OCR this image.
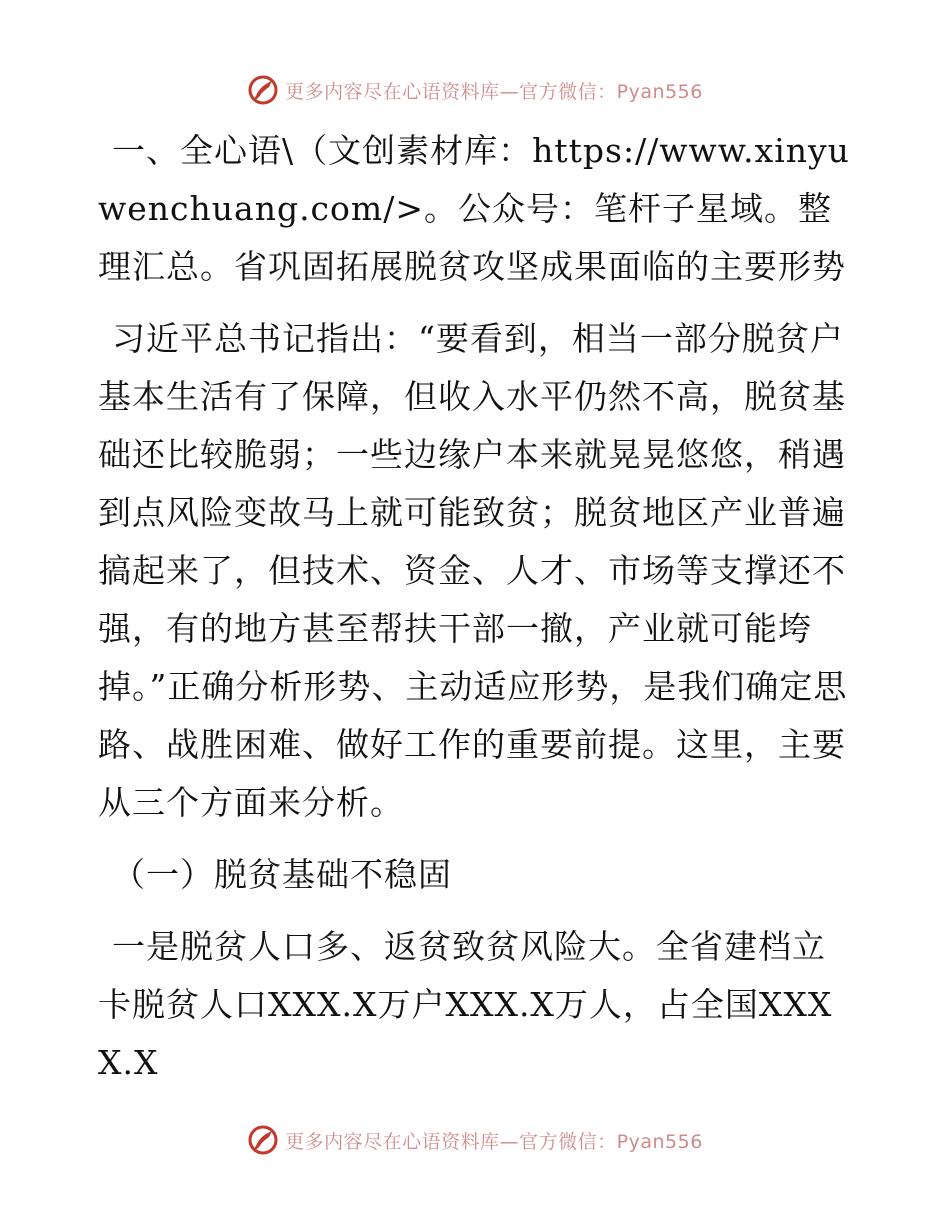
更多内容尽在心语资料库—官方微信：Pyan556

一、全心语\（文创素材库：https://www.xinyuwenchuang.com/>。公众号：笔杆子星域。整理汇总。省巩固拓展脱贫攻坚成果面临的主要形势

习近平总书记指出：“要看到，相当一部分脱贫户基本生活有了保障，但收入水平仍然不高，脱贫基础还比较脆弱；一些边缘户本来就晃晃悠悠，稍遇到点风险变故马上就可能致贫；脱贫地区产业普遍搞起来了，但技术、资金、人才、市场等支撑还不强，有的地方甚至帮扶干部一撤，产业就可能垮掉。”正确分析形势、主动适应形势，是我们确定思路、战胜困难、做好工作的重要前提。这里，主要从三个方面来分析。

（一）脱贫基础不稳固

一是脱贫人口多、返贫致贫风险大。全省建档立卡脱贫人口XXX.X万户XXX.X万人，占全国XXXX.X

更多内容尽在心语资料库—官方微信：Pyan556
